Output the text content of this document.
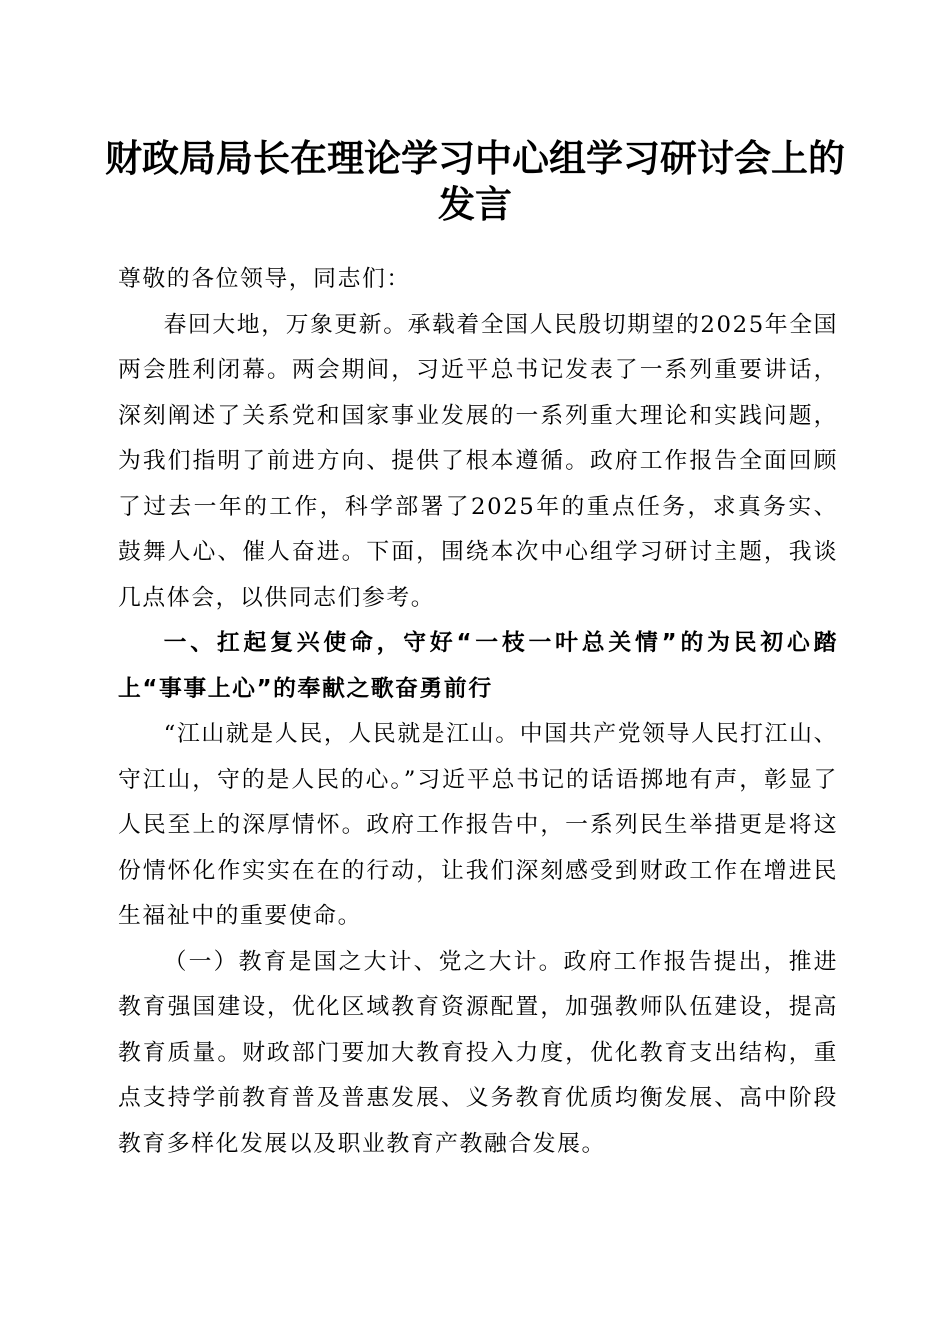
财政局局长在理论学习中心组学习研讨会上的
发言

尊敬的各位领导，同志们：

春回大地，万象更新。承载着全国人民殷切期望的2025年全国两会胜利闭幕。两会期间，习近平总书记发表了一系列重要讲话，深刻阐述了关系党和国家事业发展的一系列重大理论和实践问题，为我们指明了前进方向、提供了根本遵循。政府工作报告全面回顾了过去一年的工作，科学部署了2025年的重点任务，求真务实、鼓舞人心、催人奋进。下面，围绕本次中心组学习研讨主题，我谈几点体会，以供同志们参考。

一、扛起复兴使命，守好“一枝一叶总关情”的为民初心踏上“事事上心”的奉献之歌奋勇前行

“江山就是人民，人民就是江山。中国共产党领导人民打江山、守江山，守的是人民的心。”习近平总书记的话语掷地有声，彰显了人民至上的深厚情怀。政府工作报告中，一系列民生举措更是将这份情怀化作实实在在的行动，让我们深刻感受到财政工作在增进民生福祉中的重要使命。

（一）教育是国之大计、党之大计。政府工作报告提出，推进教育强国建设，优化区域教育资源配置，加强教师队伍建设，提高教育质量。财政部门要加大教育投入力度，优化教育支出结构，重点支持学前教育普及普惠发展、义务教育优质均衡发展、高中阶段教育多样化发展以及职业教育产教融合发展。
